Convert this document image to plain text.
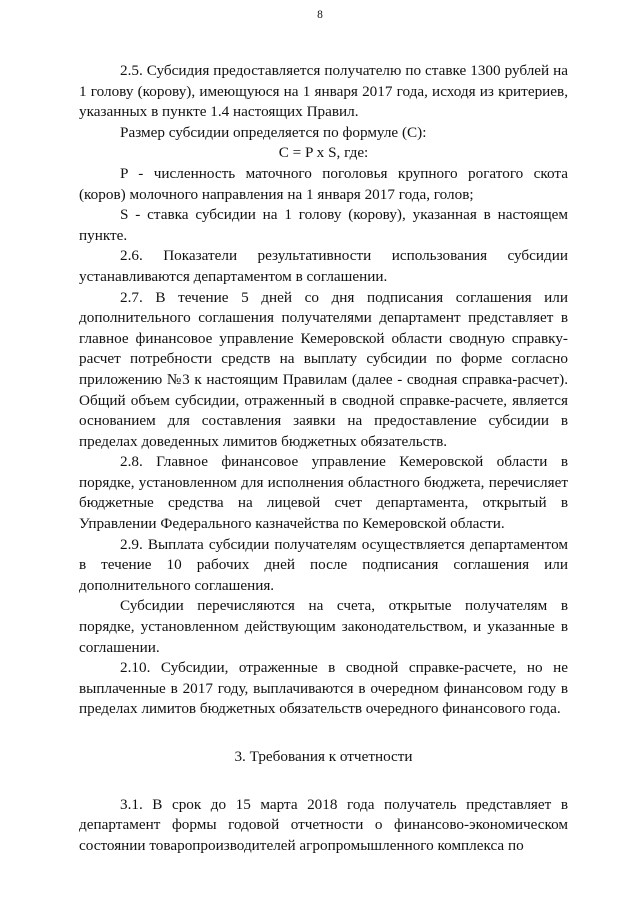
8

2.5. Субсидия предоставляется получателю по ставке 1300 рублей на 1 голову (корову), имеющуюся на 1 января 2017 года, исходя из критериев, указанных в пункте 1.4 настоящих Правил.

Размер субсидии определяется по формуле (С):

С = P х S, где:

P - численность маточного поголовья крупного рогатого скота (коров) молочного направления на 1 января 2017 года, голов;

S - ставка субсидии на 1 голову (корову), указанная в настоящем пункте.

2.6. Показатели результативности использования субсидии устанавливаются департаментом в соглашении.

2.7. В течение 5 дней со дня подписания соглашения или дополнительного соглашения получателями департамент представляет в главное финансовое управление Кемеровской области сводную справку-расчет потребности средств на выплату субсидии по форме согласно приложению №3 к настоящим Правилам (далее - сводная справка-расчет). Общий объем субсидии, отраженный в сводной справке-расчете, является основанием для составления заявки на предоставление субсидии в пределах доведенных лимитов бюджетных обязательств.

2.8. Главное финансовое управление Кемеровской области в порядке, установленном для исполнения областного бюджета, перечисляет бюджетные средства на лицевой счет департамента, открытый в Управлении Федерального казначейства по Кемеровской области.

2.9. Выплата субсидии получателям осуществляется департаментом в течение 10 рабочих дней после подписания соглашения или дополнительного соглашения.

Субсидии перечисляются на счета, открытые получателям в порядке, установленном действующим законодательством, и указанные в соглашении.

2.10. Субсидии, отраженные в сводной справке-расчете, но не выплаченные в 2017 году, выплачиваются в очередном финансовом году в пределах лимитов бюджетных обязательств очередного финансового года.

3. Требования к отчетности

3.1. В срок до 15 марта 2018 года получатель представляет в департамент формы годовой отчетности о финансово-экономическом состоянии товаропроизводителей агропромышленного комплекса по
